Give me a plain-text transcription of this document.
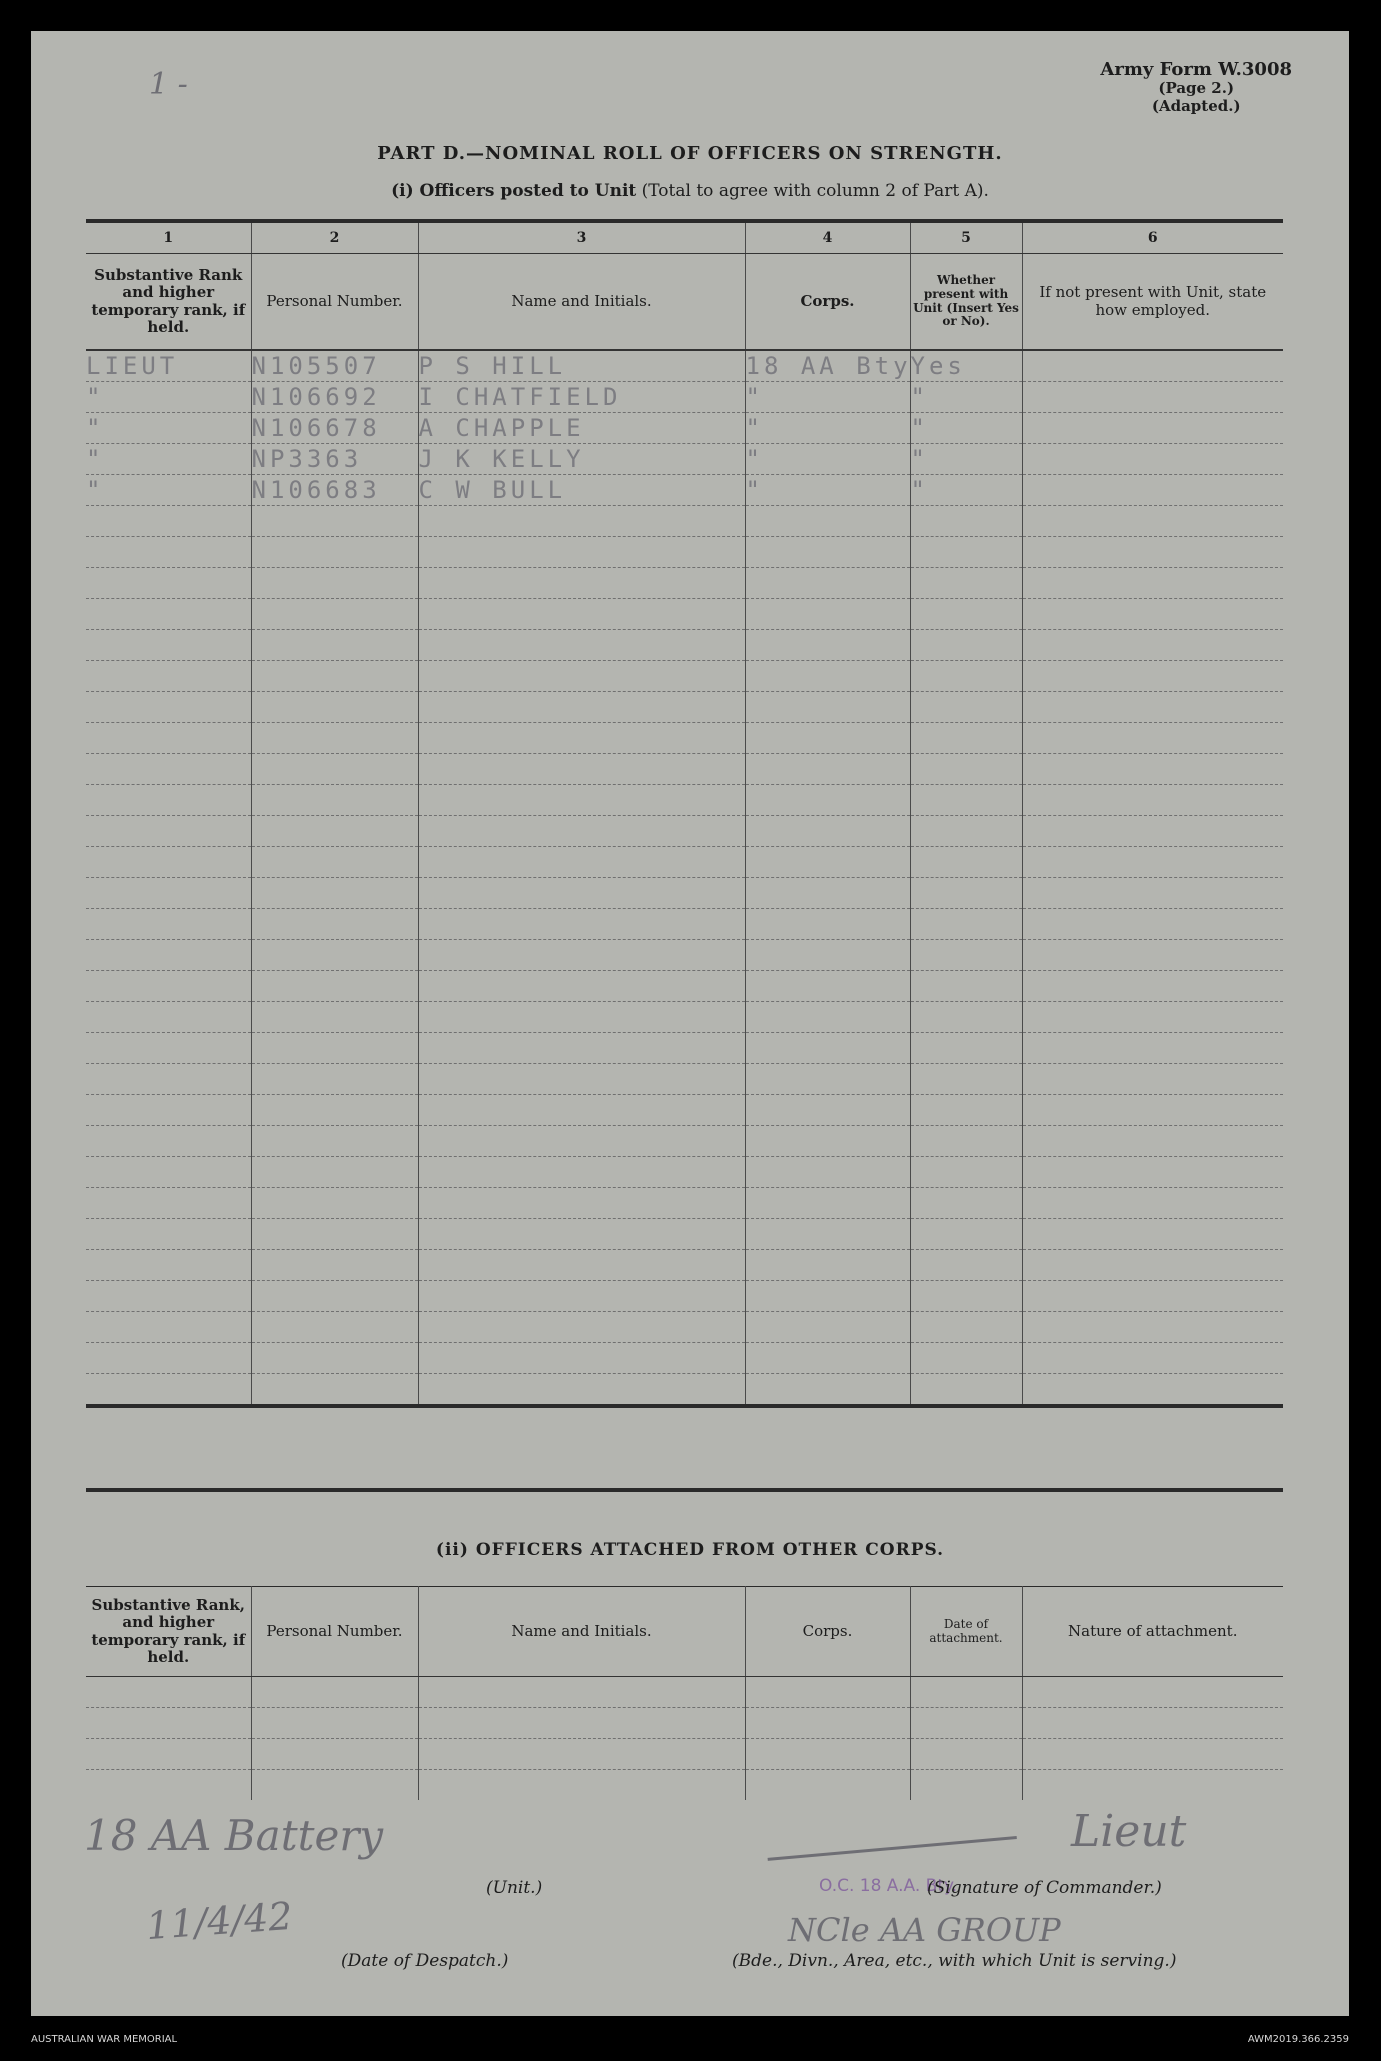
1 -	Army Form W.3008
(Page 2.)
(Adapted.)
PART D.—NOMINAL ROLL OF OFFICERS ON STRENGTH.
(i) Officers posted to Unit (Total to agree with column 2 of Part A).
1	2	3	4	5	6
Substantive Rank and higher temporary rank, if held.	Personal Number.	Name and Initials.	Corps.	Whether present with Unit (Insert Yes or No).	If not present with Unit, state how employed.
LIEUT	N105507	P S HILL	18 AA Bty	Yes	
"	N106692	I CHATFIELD	"	"	
"	N106678	A CHAPPLE	"	"	
"	NP3363	J K KELLY	"	"	
"	N106683	C W BULL	"	"	

(ii) OFFICERS ATTACHED FROM OTHER CORPS.
Substantive Rank, and higher temporary rank, if held.	Personal Number.	Name and Initials.	Corps.	Date of attachment.	Nature of attachment.

18 AA Battery
(Unit.)
Lieut
O.C. 18 A.A. Bty.
(Signature of Commander.)
11/4/42
(Date of Despatch.)
NCle AA GROUP
(Bde., Divn., Area, etc., with which Unit is serving.)
AUSTRALIAN WAR MEMORIAL	AWM2019.366.2359
